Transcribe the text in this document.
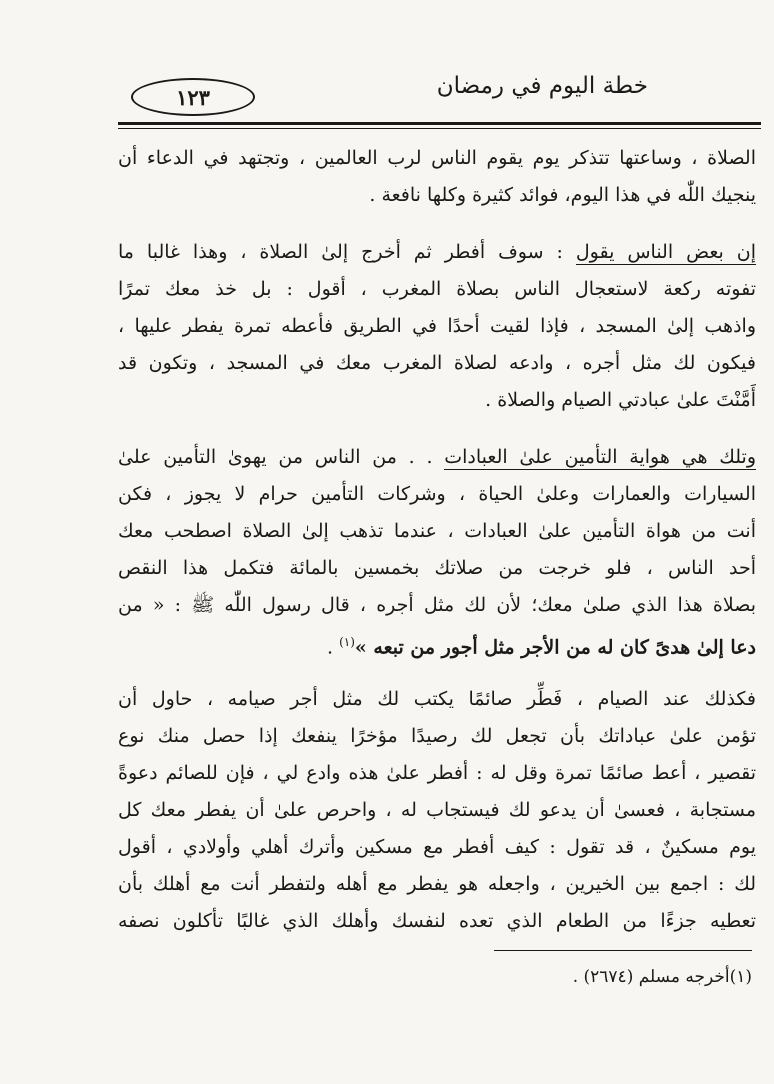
خطة اليوم في رمضان
١٢٣
الصلاة ، وساعتها تتذكر يوم يقوم الناس لرب العالمين ، وتجتهد في الدعاء أن
ينجيك اللّٰه في هذا اليوم، فوائد كثيرة وكلها نافعة .
إن بعض الناس يقول : سوف أفطر ثم أخرج إلىٰ الصلاة ، وهذا غالبا ما
تفوته ركعة لاستعجال الناس بصلاة المغرب ، أقول : بل خذ معك تمرًا
واذهب إلىٰ المسجد ، فإذا لقيت أحدًا في الطريق فأعطه تمرة يفطر عليها ،
فيكون لك مثل أجره ، وادعه لصلاة المغرب معك في المسجد ، وتكون قد
أَمَّنْتَ علىٰ عبادتي الصيام والصلاة .
وتلك هي هواية التأمين علىٰ العبادات . . من الناس من يهوىٰ التأمين علىٰ
السيارات والعمارات وعلىٰ الحياة ، وشركات التأمين حرام لا يجوز ، فكن
أنت من هواة التأمين علىٰ العبادات ، عندما تذهب إلىٰ الصلاة اصطحب معك
أحد الناس ، فلو خرجت من صلاتك بخمسين بالمائة فتكمل هذا النقص
بصلاة هذا الذي صلىٰ معك؛ لأن لك مثل أجره ، قال رسول اللّٰه ﷺ : « من
دعا إلىٰ هدىً كان له من الأجر مثل أجور من تبعه »$^{(١)}$ .
فكذلك عند الصيام ، فَطِّر صائمًا يكتب لك مثل أجر صيامه ، حاول أن
تؤمن علىٰ عباداتك بأن تجعل لك رصيدًا مؤخرًا ينفعك إذا حصل منك نوع
تقصير ، أعط صائمًا تمرة وقل له : أفطر علىٰ هذه وادع لي ، فإن للصائم دعوةً
مستجابة ، فعسىٰ أن يدعو لك فيستجاب له ، واحرص علىٰ أن يفطر معك كل
يوم مسكينٌ ، قد تقول : كيف أفطر مع مسكين وأترك أهلي وأولادي ، أقول
لك : اجمع بين الخيرين ، واجعله هو يفطر مع أهله ولتفطر أنت مع أهلك بأن
تعطيه جزءًا من الطعام الذي تعده لنفسك وأهلك الذي غالبًا تأكلون نصفه
(١)أخرجه مسلم (٢٦٧٤) .
